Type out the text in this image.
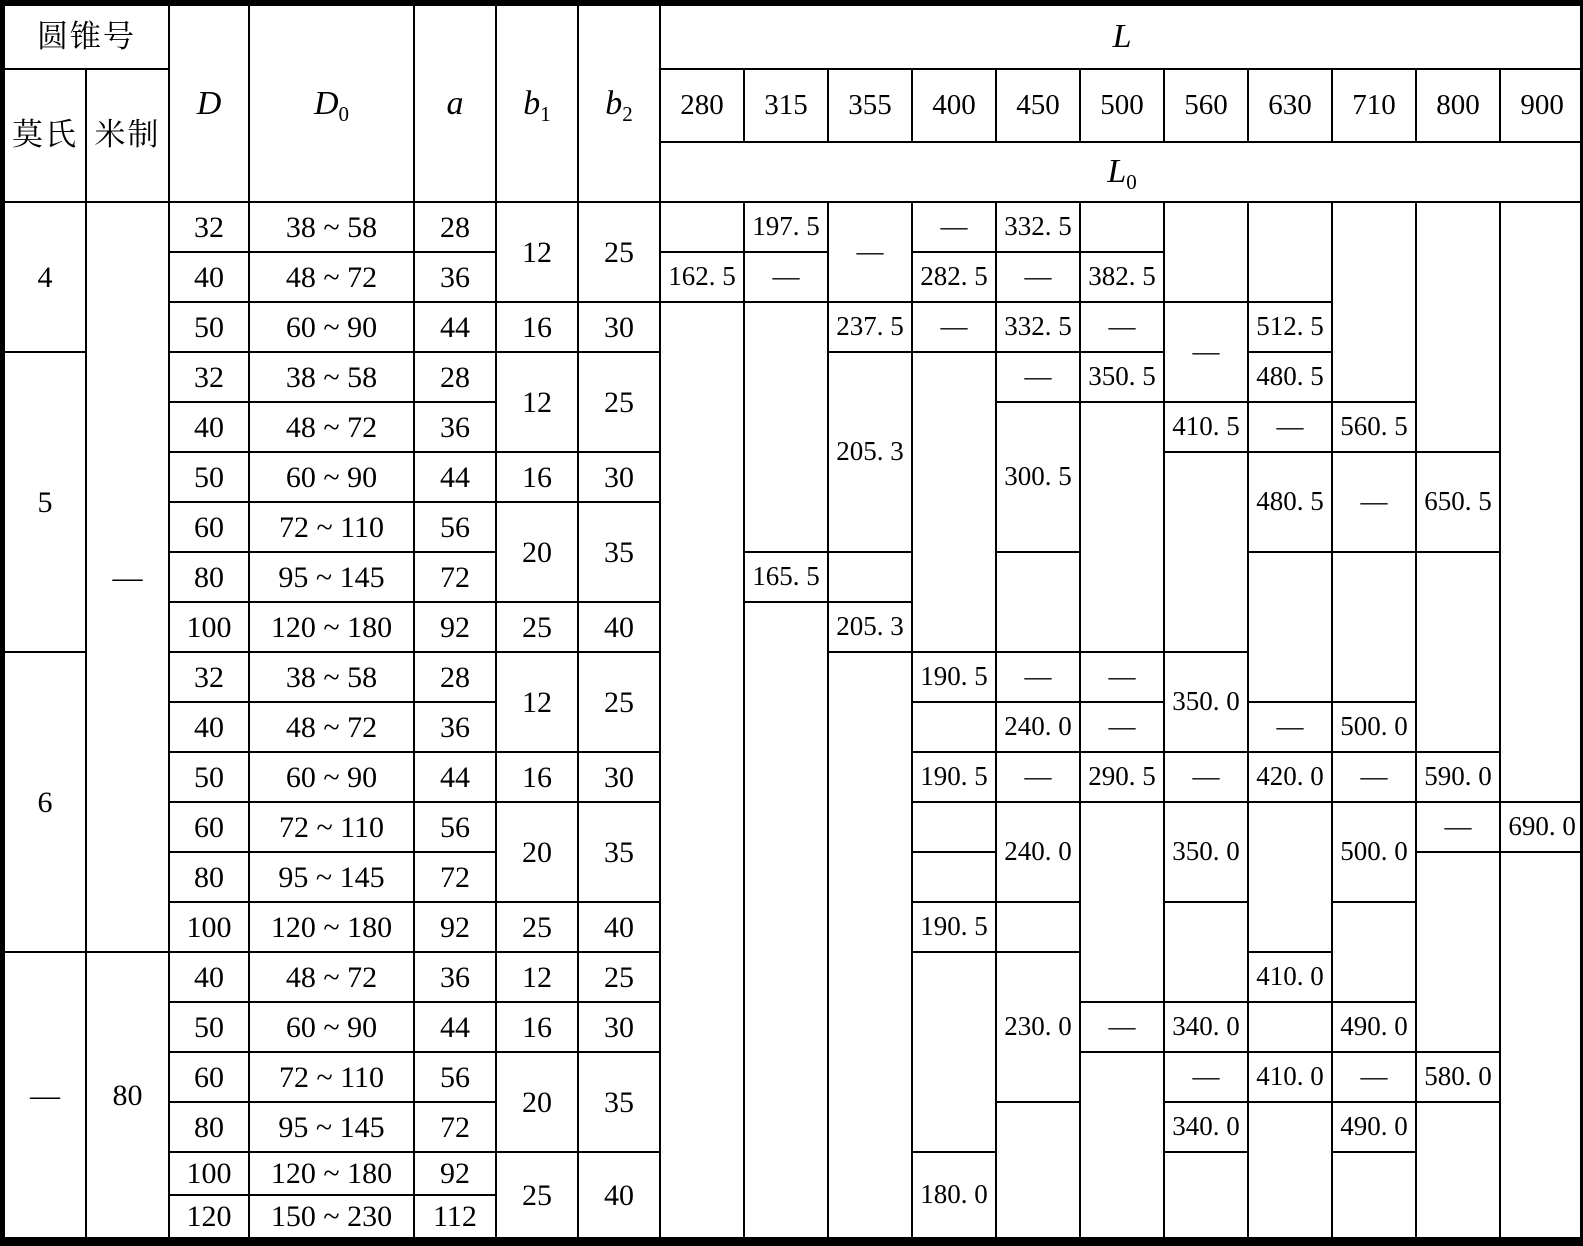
圆锥号		D	$D_0$	a	$b_1$	$b_2$	L										
莫氏	米制						280	315	355	400	450	500	560	630	710	800	900
							$L_0$
4	—	32	38 ~ 58	28	12	25		197. 5	—	—	332. 5						
		40	48 ~ 72	36			162. 5	—		282. 5	—	382. 5					
		50	60 ~ 90	44	16	30			237. 5	—	332. 5	—	—	512. 5			
5		32	38 ~ 58	28	12	25			205. 3		—	350. 5		480. 5			
		40	48 ~ 72	36							300. 5		410. 5	—	560. 5		
		50	60 ~ 90	44	16	30								480. 5	—	650. 5	
		60	72 ~ 110	56	20	35											
		80	95 ~ 145	72				165. 5									
		100	120 ~ 180	92	25	40			205. 3								
6		32	38 ~ 58	28	12	25				190. 5	—	—	350. 0				
		40	48 ~ 72	36							240. 0	—		—	500. 0		
		50	60 ~ 90	44	16	30				190. 5	—	290. 5	—	420. 0	—	590. 0	
		60	72 ~ 110	56	20	35					240. 0		350. 0		500. 0	—	690. 0
		80	95 ~ 145	72													
		100	120 ~ 180	92	25	40				190. 5							
—	80	40	48 ~ 72	36	12	25					230. 0			410. 0			
		50	60 ~ 90	44	16	30						—	340. 0		490. 0		
		60	72 ~ 110	56	20	35							—	410. 0	—	580. 0	
		80	95 ~ 145	72									340. 0		490. 0		
		100	120 ~ 180	92	25	40				180. 0							
		120	150 ~ 230	112													
